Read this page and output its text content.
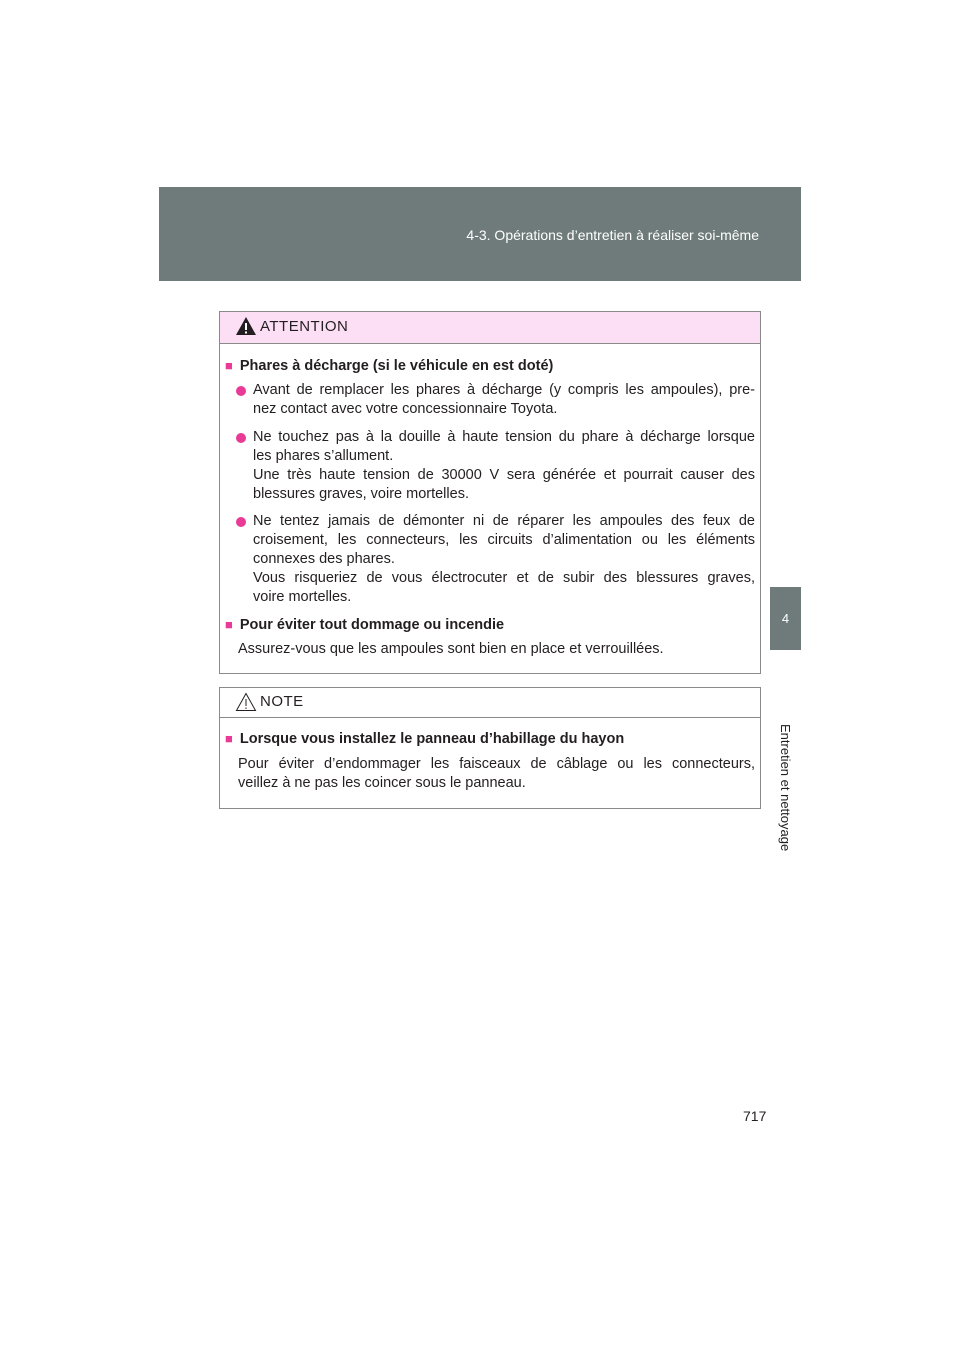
4-3. Opérations d’entretien à réaliser soi-même
4
Entretien et nettoyage
ATTENTION
■ Phares à décharge (si le véhicule en est doté)
Avant de remplacer les phares à décharge (y compris les ampoules), pre-
nez contact avec votre concessionnaire Toyota.
Ne touchez pas à la douille à haute tension du phare à décharge lorsque
les phares s’allument.
Une très haute tension de 30000 V sera générée et pourrait causer des
blessures graves, voire mortelles.
Ne tentez jamais de démonter ni de réparer les ampoules des feux de
croisement, les connecteurs, les circuits d’alimentation ou les éléments
connexes des phares.
Vous risqueriez de vous électrocuter et de subir des blessures graves,
voire mortelles.
■ Pour éviter tout dommage ou incendie
Assurez-vous que les ampoules sont bien en place et verrouillées.
NOTE
■ Lorsque vous installez le panneau d’habillage du hayon
Pour éviter d’endommager les faisceaux de câblage ou les connecteurs,
veillez à ne pas les coincer sous le panneau.
717
